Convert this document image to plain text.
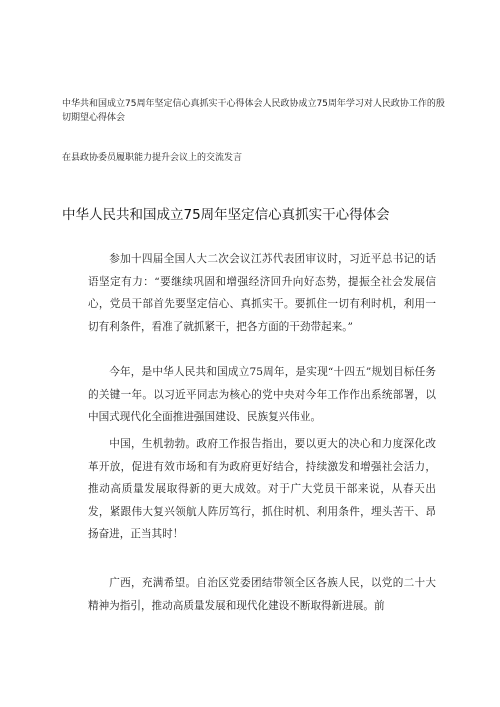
中华共和国成立75周年坚定信心真抓实干心得体会人民政协成立75周年学习对人民政协工作的殷切期望心得体会
在县政协委员履职能力提升会议上的交流发言
中华人民共和国成立75周年坚定信心真抓实干心得体会
参加十四届全国人大二次会议江苏代表团审议时，习近平总书记的话语坚定有力：“要继续巩固和增强经济回升向好态势，提振全社会发展信心，党员干部首先要坚定信心、真抓实干。要抓住一切有利时机，利用一切有利条件，看准了就抓紧干，把各方面的干劲带起来。”
今年，是中华人民共和国成立75周年，是实现“十四五”规划目标任务的关键一年。以习近平同志为核心的党中央对今年工作作出系统部署，以中国式现代化全面推进强国建设、民族复兴伟业。
中国，生机勃勃。政府工作报告指出，要以更大的决心和力度深化改革开放，促进有效市场和有为政府更好结合，持续激发和增强社会活力，推动高质量发展取得新的更大成效。对于广大党员干部来说，从春天出发，紧跟伟大复兴领航人阵厉笃行，抓住时机、利用条件，埋头苦干、昂扬奋进，正当其时！
广西，充满希望。自治区党委团结带领全区各族人民，以党的二十大精神为指引，推动高质量发展和现代化建设不断取得新进展。前
